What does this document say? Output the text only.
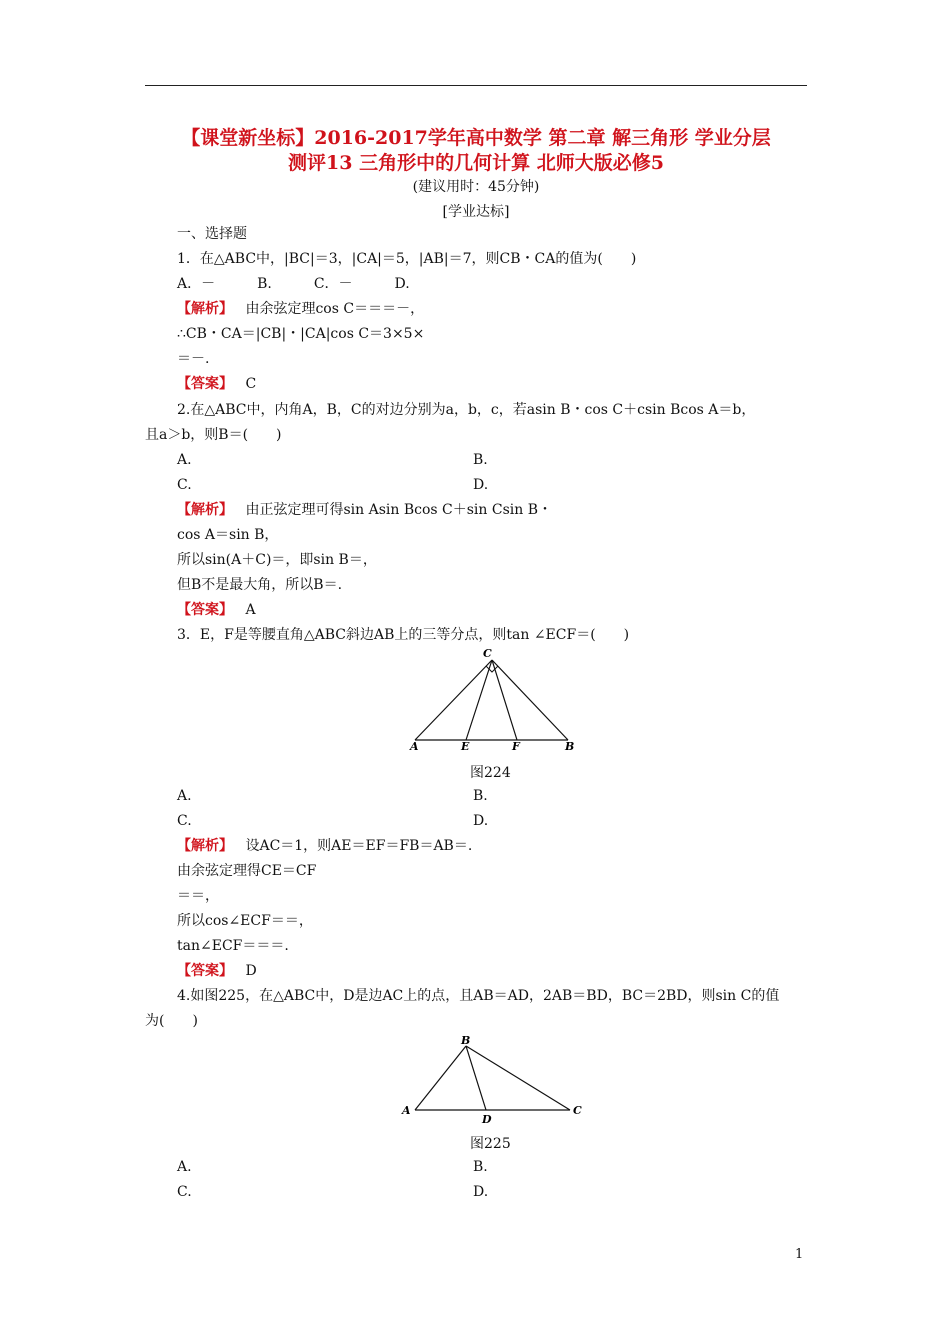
【课堂新坐标】2016-2017学年高中数学 第二章 解三角形 学业分层
测评13 三角形中的几何计算 北师大版必修5
(建议用时：45分钟)
[学业达标]
一、选择题
1．在△ABC中，|BC|＝3，|CA|＝5，|AB|＝7，则CB・CA的值为(　　)
A．－　　　B.　　　C．－　　　D.
【解析】 由余弦定理cos C＝＝＝－，
∴CB・CA＝|CB|・|CA|cos C＝3×5×
＝－.
【答案】 C
2.在△ABC中，内角A，B，C的对边分别为a，b，c，若asin B・cos C＋csin Bcos A＝b，
且a＞b，则B＝(　　)
A.	B.
C.	D.
【解析】 由正弦定理可得sin Asin Bcos C＋sin Csin B・
cos A＝sin B，
所以sin(A＋C)＝，即sin B＝，
但B不是最大角，所以B＝.
【答案】 A
3．E，F是等腰直角△ABC斜边AB上的三等分点，则tan ∠ECF＝(　　)
C
A	E	F	B
图224
A.	B.
C.	D.
【解析】 设AC＝1，则AE＝EF＝FB＝AB＝.
由余弦定理得CE＝CF
＝＝，
所以cos∠ECF＝＝，
tan∠ECF＝＝＝.
【答案】 D
4.如图225，在△ABC中，D是边AC上的点，且AB＝AD，2AB＝BD，BC＝2BD，则sin C的值
为(　　)
B
A
D
C
图225
A.	B.
C.	D.
1
